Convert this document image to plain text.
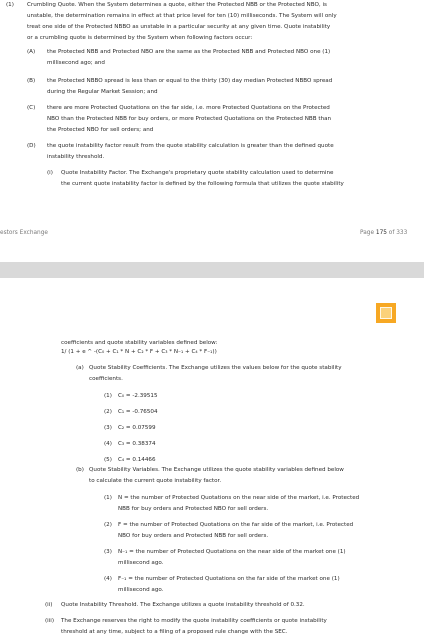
(1) Crumbling Quote. When the System determines a quote, either the Protected NBB or the Protected NBO, is

unstable, the determination remains in effect at that price level for ten (10) milliseconds. The System will only

treat one side of the Protected NBBO as unstable in a particular security at any given time. Quote instability

or a crumbling quote is determined by the System when following factors occur:

(A) the Protected NBB and Protected NBO are the same as the Protected NBB and Protected NBO one (1)

millisecond ago; and

(B) the Protected NBBO spread is less than or equal to the thirty (30) day median Protected NBBO spread

during the Regular Market Session; and

(C) there are more Protected Quotations on the far side, i.e. more Protected Quotations on the Protected

NBO than the Protected NBB for buy orders, or more Protected Quotations on the Protected NBB than

the Protected NBO for sell orders; and

(D) the quote instability factor result from the quote stability calculation is greater than the defined quote

instability threshold.

(i) Quote Instability Factor. The Exchange's proprietary quote stability calculation used to determine

the current quote instability factor is defined by the following formula that utilizes the quote stability

estors Exchange	Page 175 of 333

coefficients and quote stability variables defined below:

1/ (1 + e ^ -(C₀ + C₁ * N + C₂ * F + C₃ * N₋₁ + C₄ * F₋₁))

(a) Quote Stability Coefficients. The Exchange utilizes the values below for the quote stability

coefficients.

(1) C₀ = -2.39515

(2) C₁ = -0.76504

(3) C₂ = 0.07599

(4) C₃ = 0.38374

(5) C₄ = 0.14466

(b) Quote Stability Variables. The Exchange utilizes the quote stability variables defined below

to calculate the current quote instability factor.

(1) N = the number of Protected Quotations on the near side of the market, i.e. Protected

NBB for buy orders and Protected NBO for sell orders.

(2) F = the number of Protected Quotations on the far side of the market, i.e. Protected

NBO for buy orders and Protected NBB for sell orders.

(3) N₋₁ = the number of Protected Quotations on the near side of the market one (1)

millisecond ago.

(4) F₋₁ = the number of Protected Quotations on the far side of the market one (1)

millisecond ago.

(ii) Quote Instability Threshold. The Exchange utilizes a quote instability threshold of 0.32.

(iii) The Exchange reserves the right to modify the quote instability coefficients or quote instability

threshold at any time, subject to a filing of a proposed rule change with the SEC.
